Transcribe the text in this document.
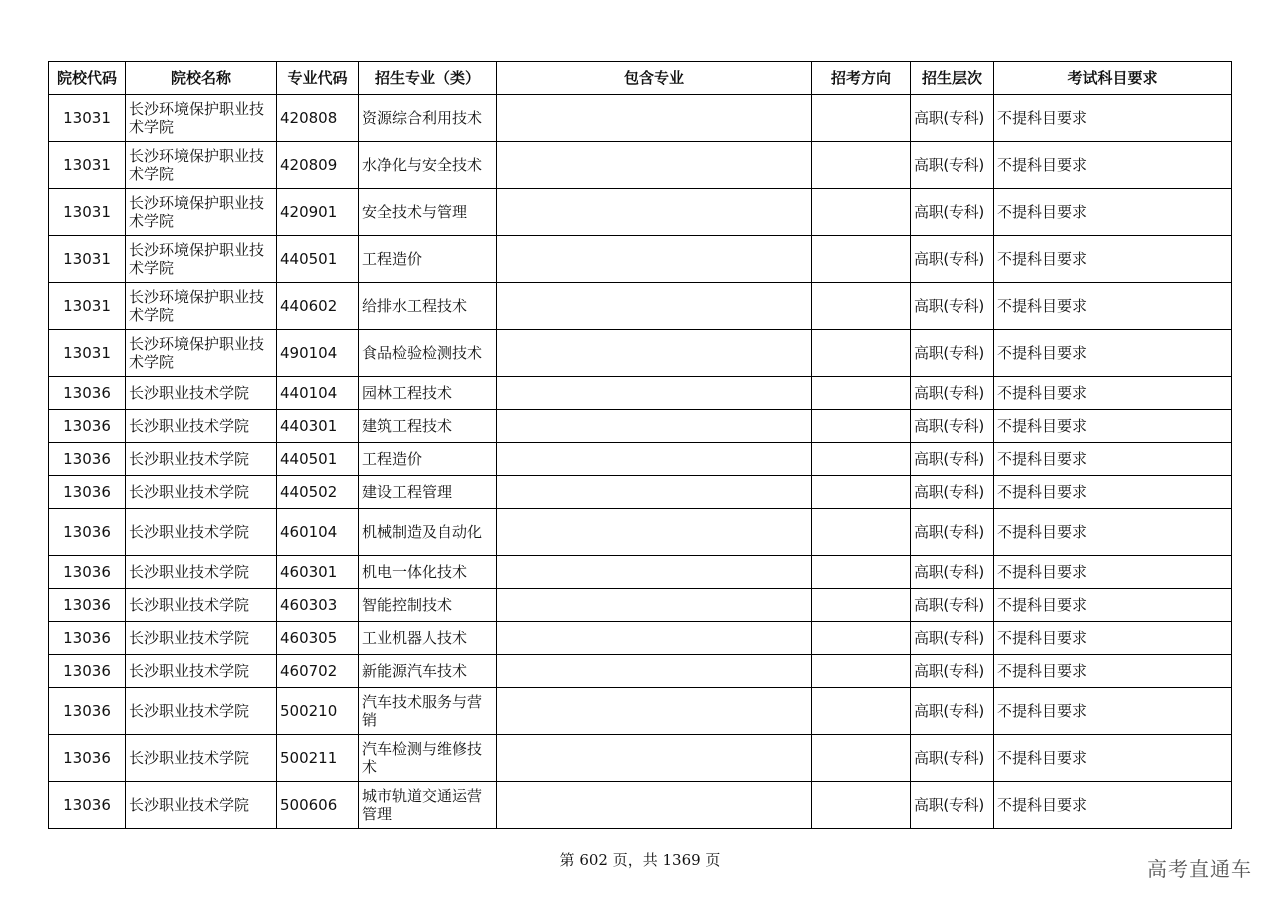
院校代码	院校名称	专业代码	招生专业（类）	包含专业	招考方向	招生层次	考试科目要求
13031	长沙环境保护职业技术学院	420808	资源综合利用技术			高职(专科)	不提科目要求
13031	长沙环境保护职业技术学院	420809	水净化与安全技术			高职(专科)	不提科目要求
13031	长沙环境保护职业技术学院	420901	安全技术与管理			高职(专科)	不提科目要求
13031	长沙环境保护职业技术学院	440501	工程造价			高职(专科)	不提科目要求
13031	长沙环境保护职业技术学院	440602	给排水工程技术			高职(专科)	不提科目要求
13031	长沙环境保护职业技术学院	490104	食品检验检测技术			高职(专科)	不提科目要求
13036	长沙职业技术学院	440104	园林工程技术			高职(专科)	不提科目要求
13036	长沙职业技术学院	440301	建筑工程技术			高职(专科)	不提科目要求
13036	长沙职业技术学院	440501	工程造价			高职(专科)	不提科目要求
13036	长沙职业技术学院	440502	建设工程管理			高职(专科)	不提科目要求
13036	长沙职业技术学院	460104	机械制造及自动化			高职(专科)	不提科目要求
13036	长沙职业技术学院	460301	机电一体化技术			高职(专科)	不提科目要求
13036	长沙职业技术学院	460303	智能控制技术			高职(专科)	不提科目要求
13036	长沙职业技术学院	460305	工业机器人技术			高职(专科)	不提科目要求
13036	长沙职业技术学院	460702	新能源汽车技术			高职(专科)	不提科目要求
13036	长沙职业技术学院	500210	汽车技术服务与营销			高职(专科)	不提科目要求
13036	长沙职业技术学院	500211	汽车检测与维修技术			高职(专科)	不提科目要求
13036	长沙职业技术学院	500606	城市轨道交通运营管理			高职(专科)	不提科目要求
第 602 页，共 1369 页	高考直通车
